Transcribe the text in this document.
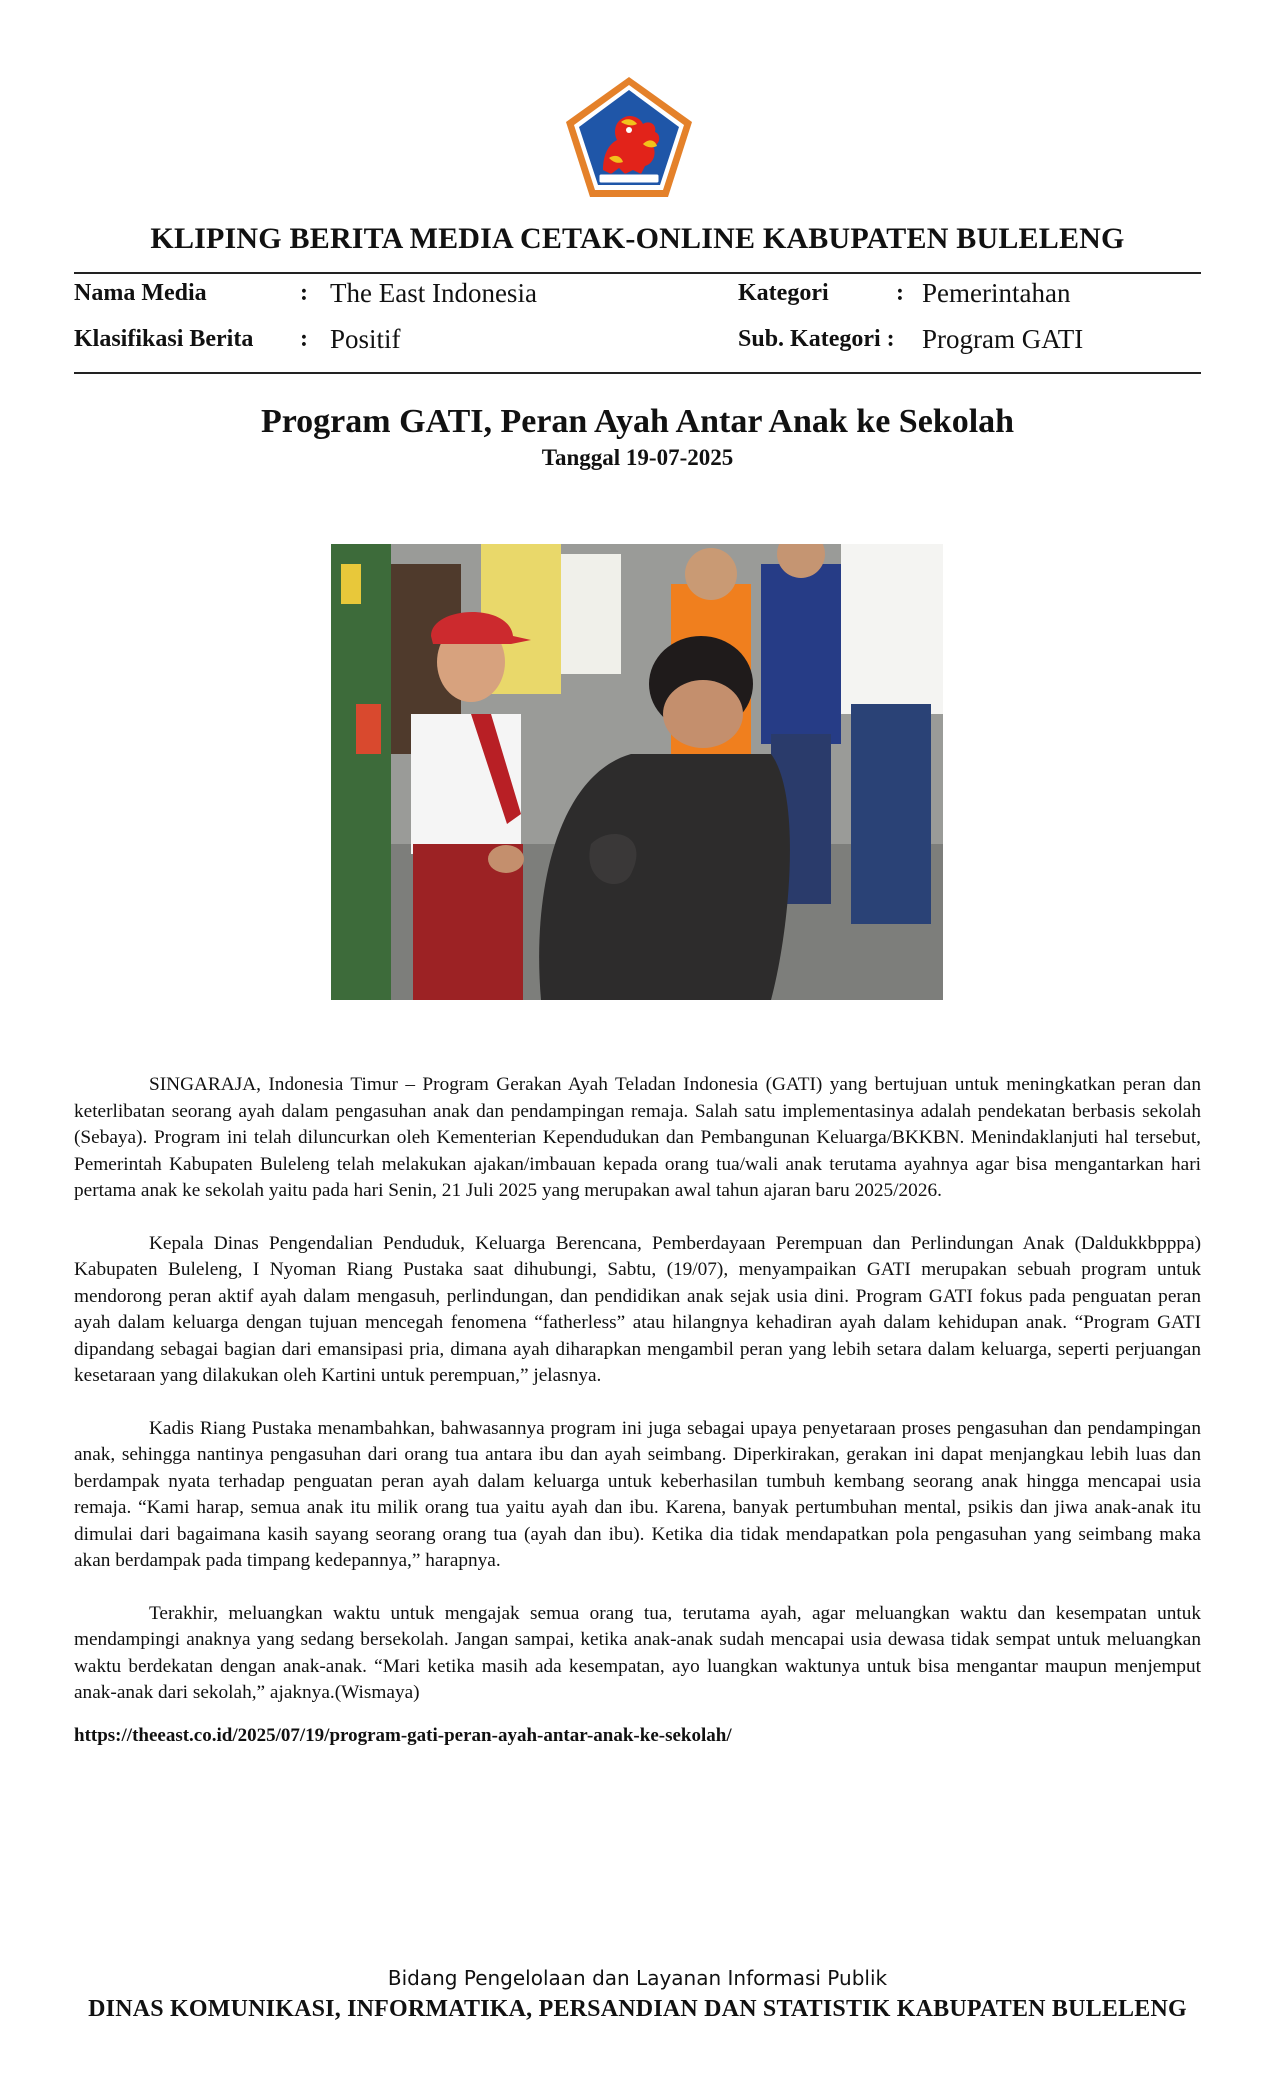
KLIPING BERITA MEDIA CETAK-ONLINE KABUPATEN BULELENG
Nama Media	: The East Indonesia	Kategori	: Pemerintahan
Klasifikasi Berita : Positif	Sub. Kategori : Program GATI
Program GATI, Peran Ayah Antar Anak ke Sekolah
Tanggal 19-07-2025

SINGARAJA, Indonesia Timur – Program Gerakan Ayah Teladan Indonesia (GATI) yang bertujuan untuk meningkatkan peran dan keterlibatan seorang ayah dalam pengasuhan anak dan pendampingan remaja. Salah satu implementasinya adalah pendekatan berbasis sekolah (Sebaya). Program ini telah diluncurkan oleh Kementerian Kependudukan dan Pembangunan Keluarga/BKKBN. Menindaklanjuti hal tersebut, Pemerintah Kabupaten Buleleng telah melakukan ajakan/imbauan kepada orang tua/wali anak terutama ayahnya agar bisa mengantarkan hari pertama anak ke sekolah yaitu pada hari Senin, 21 Juli 2025 yang merupakan awal tahun ajaran baru 2025/2026.

Kepala Dinas Pengendalian Penduduk, Keluarga Berencana, Pemberdayaan Perempuan dan Perlindungan Anak (Daldukkbpppa) Kabupaten Buleleng, I Nyoman Riang Pustaka saat dihubungi, Sabtu, (19/07), menyampaikan GATI merupakan sebuah program untuk mendorong peran aktif ayah dalam mengasuh, perlindungan, dan pendidikan anak sejak usia dini. Program GATI fokus pada penguatan peran ayah dalam keluarga dengan tujuan mencegah fenomena “fatherless” atau hilangnya kehadiran ayah dalam kehidupan anak. “Program GATI dipandang sebagai bagian dari emansipasi pria, dimana ayah diharapkan mengambil peran yang lebih setara dalam keluarga, seperti perjuangan kesetaraan yang dilakukan oleh Kartini untuk perempuan,” jelasnya.

Kadis Riang Pustaka menambahkan, bahwasannya program ini juga sebagai upaya penyetaraan proses pengasuhan dan pendampingan anak, sehingga nantinya pengasuhan dari orang tua antara ibu dan ayah seimbang. Diperkirakan, gerakan ini dapat menjangkau lebih luas dan berdampak nyata terhadap penguatan peran ayah dalam keluarga untuk keberhasilan tumbuh kembang seorang anak hingga mencapai usia remaja. “Kami harap, semua anak itu milik orang tua yaitu ayah dan ibu. Karena, banyak pertumbuhan mental, psikis dan jiwa anak-anak itu dimulai dari bagaimana kasih sayang seorang orang tua (ayah dan ibu). Ketika dia tidak mendapatkan pola pengasuhan yang seimbang maka akan berdampak pada timpang kedepannya,” harapnya.

Terakhir, meluangkan waktu untuk mengajak semua orang tua, terutama ayah, agar meluangkan waktu dan kesempatan untuk mendampingi anaknya yang sedang bersekolah. Jangan sampai, ketika anak-anak sudah mencapai usia dewasa tidak sempat untuk meluangkan waktu berdekatan dengan anak-anak. “Mari ketika masih ada kesempatan, ayo luangkan waktunya untuk bisa mengantar maupun menjemput anak-anak dari sekolah,” ajaknya.(Wismaya)

https://theeast.co.id/2025/07/19/program-gati-peran-ayah-antar-anak-ke-sekolah/
Bidang Pengelolaan dan Layanan Informasi Publik
DINAS KOMUNIKASI, INFORMATIKA, PERSANDIAN DAN STATISTIK KABUPATEN BULELENG
